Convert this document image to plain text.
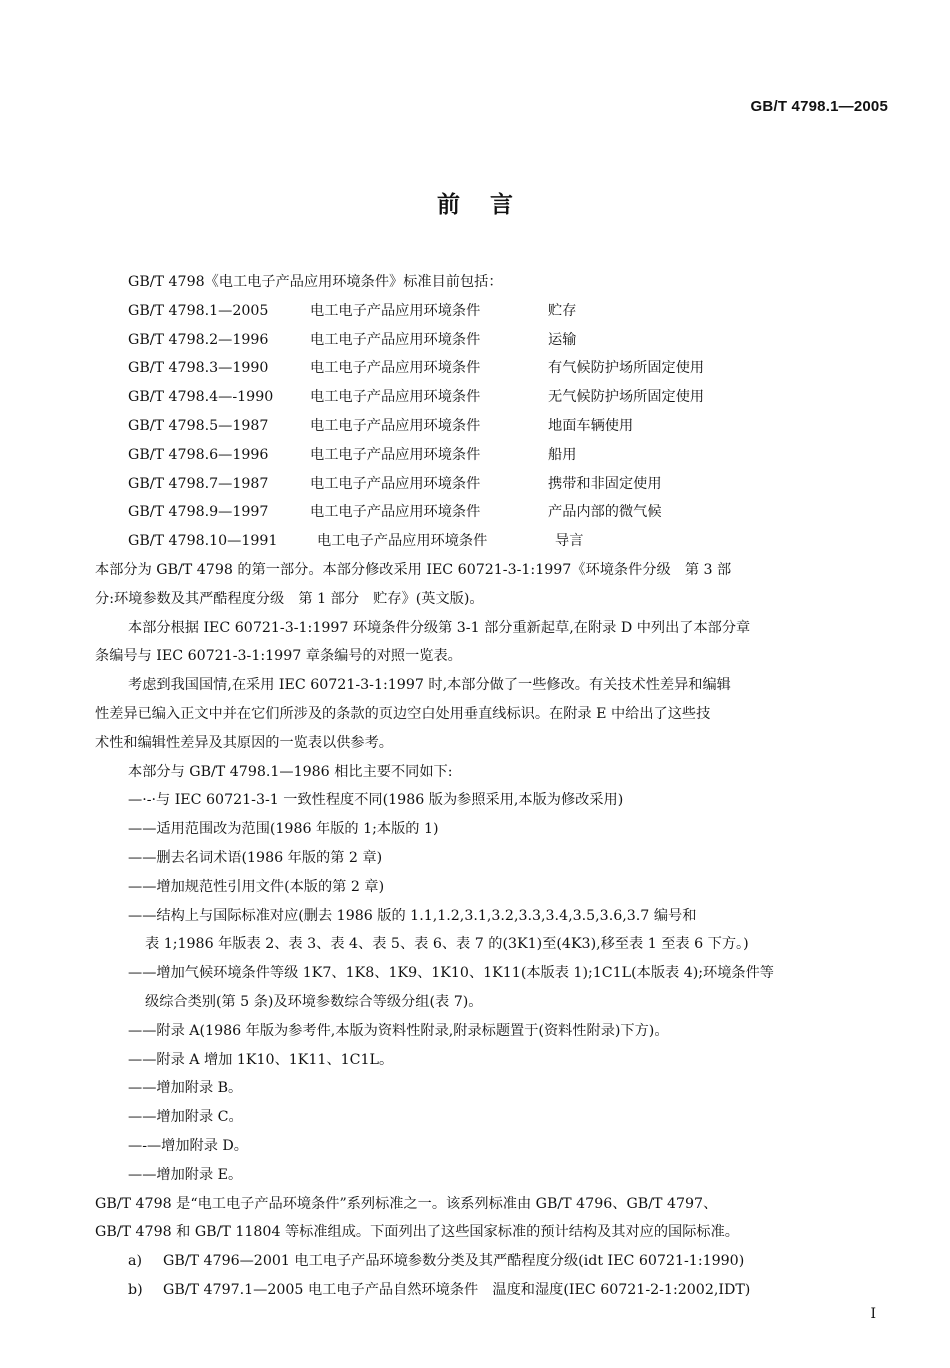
GB/T 4798.1—2005
前言
GB/T 4798《电工电子产品应用环境条件》标准目前包括：
GB/T 4798.1—2005	电工电子产品应用环境条件	贮存
GB/T 4798.2—1996	电工电子产品应用环境条件	运输
GB/T 4798.3—1990	电工电子产品应用环境条件	有气候防护场所固定使用
GB/T 4798.4—-1990	电工电子产品应用环境条件	无气候防护场所固定使用
GB/T 4798.5—1987	电工电子产品应用环境条件	地面车辆使用
GB/T 4798.6—1996	电工电子产品应用环境条件	船用
GB/T 4798.7—1987	电工电子产品应用环境条件	携带和非固定使用
GB/T 4798.9—1997	电工电子产品应用环境条件	产品内部的微气候
GB/T 4798.10—1991	电工电子产品应用环境条件	导言
本部分为 GB/T 4798 的第一部分。本部分修改采用 IEC 60721-3-1:1997《环境条件分级　第 3 部
分:环境参数及其严酷程度分级　第 1 部分　贮存》(英文版)。
本部分根据 IEC 60721-3-1:1997 环境条件分级第 3-1 部分重新起草,在附录 D 中列出了本部分章
条编号与 IEC 60721-3-1:1997 章条编号的对照一览表。
考虑到我国国情,在采用 IEC 60721-3-1:1997 时,本部分做了一些修改。有关技术性差异和编辑
性差异已编入正文中并在它们所涉及的条款的页边空白处用垂直线标识。在附录 E 中给出了这些技
术性和编辑性差异及其原因的一览表以供参考。
本部分与 GB/T 4798.1—1986 相比主要不同如下:
—·-·与 IEC 60721-3-1 一致性程度不同(1986 版为参照采用,本版为修改采用)
——适用范围改为范围(1986 年版的 1;本版的 1)
——删去名词术语(1986 年版的第 2 章)
——增加规范性引用文件(本版的第 2 章)
——结构上与国际标准对应(删去 1986 版的 1.1,1.2,3.1,3.2,3.3,3.4,3.5,3.6,3.7 编号和
表 1;1986 年版表 2、表 3、表 4、表 5、表 6、表 7 的(3K1)至(4K3),移至表 1 至表 6 下方。)
——增加气候环境条件等级 1K7、1K8、1K9、1K10、1K11(本版表 1);1C1L(本版表 4);环境条件等
级综合类别(第 5 条)及环境参数综合等级分组(表 7)。
——附录 A(1986 年版为参考件,本版为资料性附录,附录标题置于(资料性附录)下方)。
——附录 A 增加 1K10、1K11、1C1L。
——增加附录 B。
——增加附录 C。
—-—增加附录 D。
——增加附录 E。
GB/T 4798 是“电工电子产品环境条件”系列标准之一。该系列标准由 GB/T 4796、GB/T 4797、
GB/T 4798 和 GB/T 11804 等标准组成。下面列出了这些国家标准的预计结构及其对应的国际标准。
a) GB/T 4796—2001 电工电子产品环境参数分类及其严酷程度分级(idt IEC 60721-1:1990)
b) GB/T 4797.1—2005 电工电子产品自然环境条件　温度和湿度(IEC 60721-2-1:2002,IDT)
I
